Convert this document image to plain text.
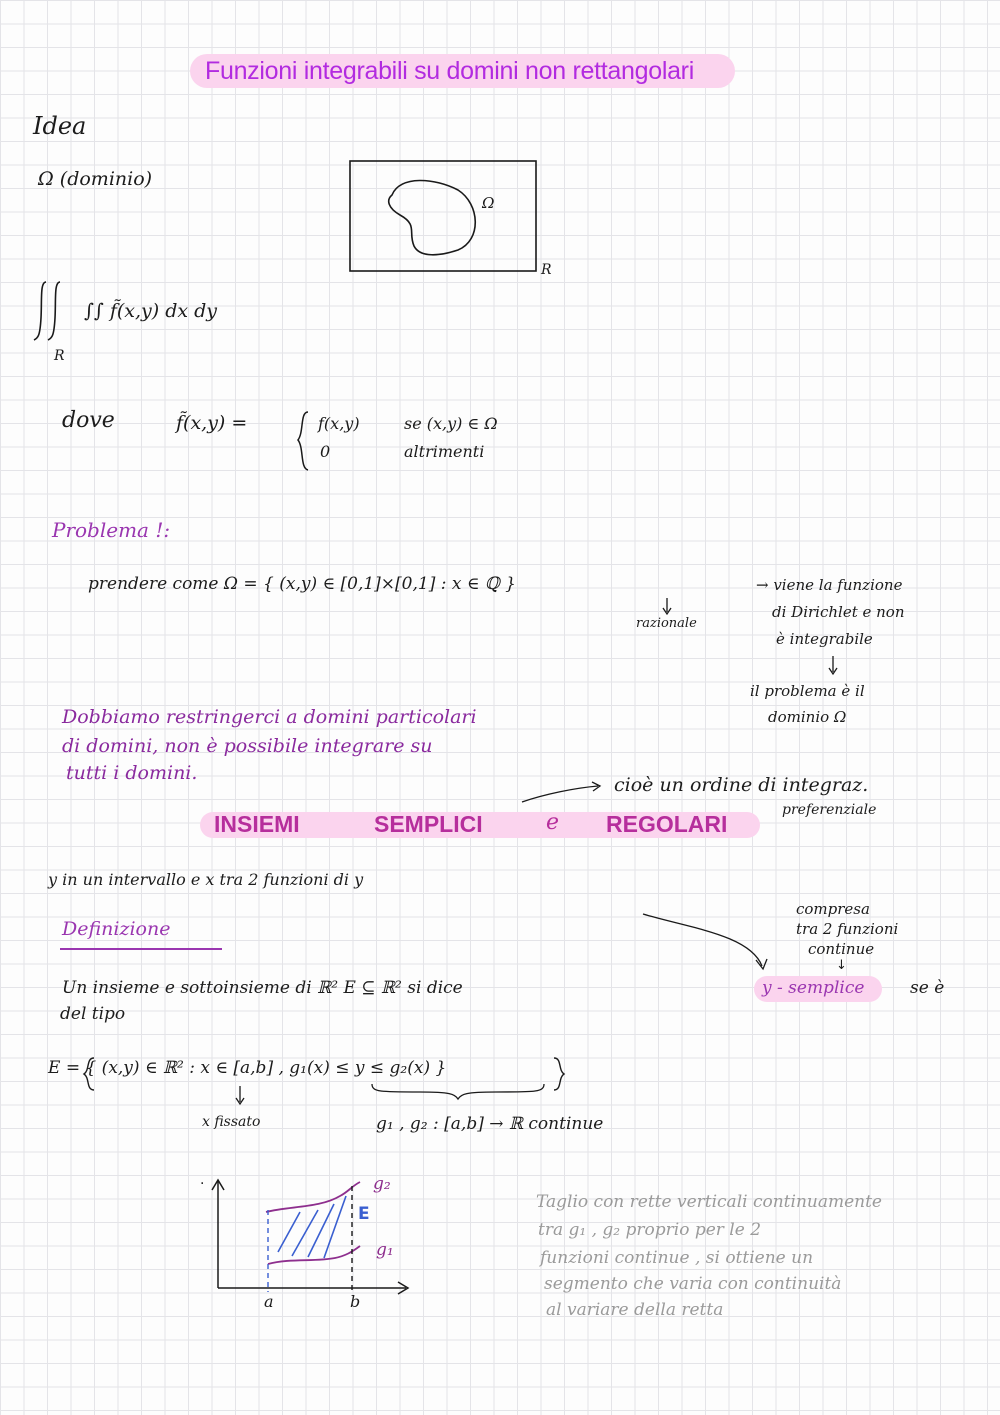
Funzioni integrabili su domini non rettangolari
Idea
Ω (dominio)
Ω
R
∫∫ f̃(x,y) dx dy
R
dove	f̃(x,y) =	f(x,y)	se (x,y) ∈ Ω
0	altrimenti
Problema !:
prendere come Ω = { (x,y) ∈ [0,1]×[0,1] : x ∈ ℚ }
razionale
→ viene la funzione
di Dirichlet e non
è integrabile
il problema è il
dominio Ω
Dobbiamo restringerci a domini particolari
di domini, non è possibile integrare su
tutti i domini.
cioè un ordine di integraz.
preferenziale
INSIEMI	SEMPLICI	e REGOLARI
y in un intervallo e x tra 2 funzioni di y
Definizione
compresa
tra 2 funzioni
continue
↓
Un insieme e sottoinsieme di ℝ² E ⊆ ℝ² si dice	y - semplice	se è
del tipo
E = { (x,y) ∈ ℝ² : x ∈ [a,b] , g₁(x) ≤ y ≤ g₂(x) }
x fissato	g₁ , g₂ : [a,b] → ℝ continue
g₂
g₁
E
a	b
·
Taglio con rette verticali continuamente
tra g₁ , g₂ proprio per le 2
funzioni continue , si ottiene un
segmento che varia con continuità
al variare della retta
